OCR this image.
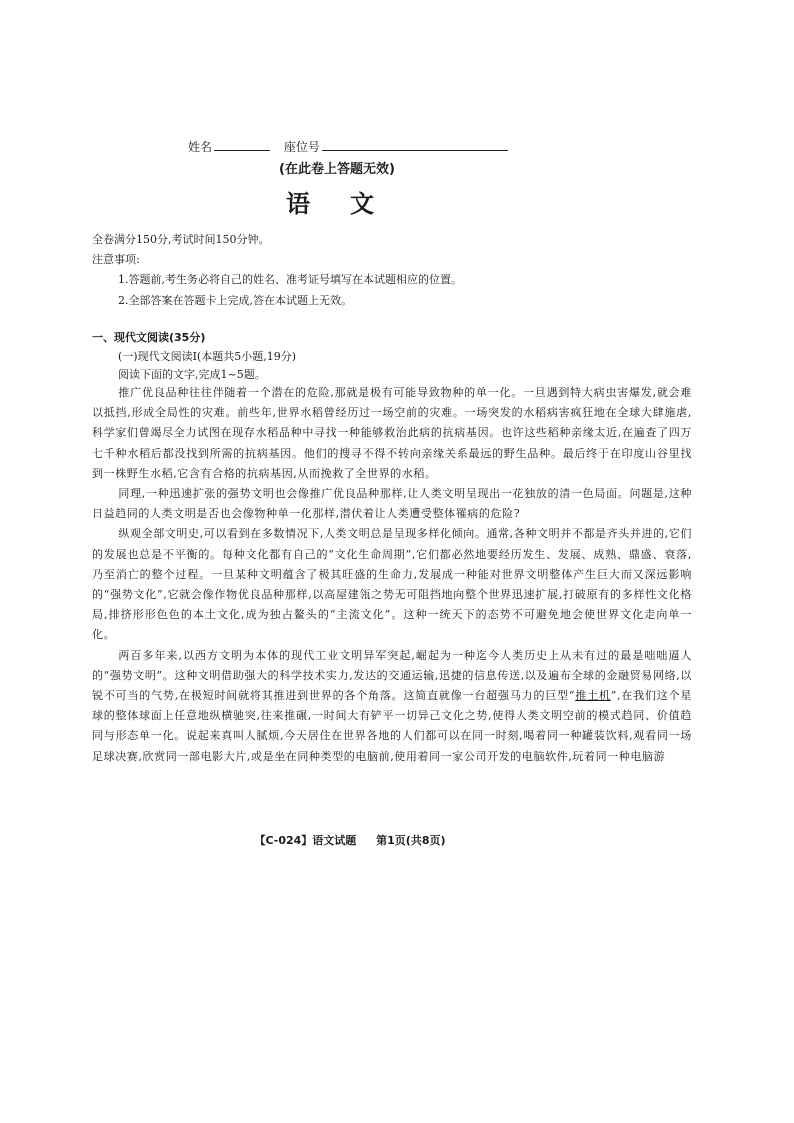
姓名	座位号
(在此卷上答题无效)
语文
全卷满分150分,考试时间150分钟。
注意事项:
1.答题前,考生务必将自己的姓名、准考证号填写在本试题相应的位置。
2.全部答案在答题卡上完成,答在本试题上无效。
一、现代文阅读(35分)
(一)现代文阅读Ⅰ(本题共5小题,19分)
阅读下面的文字,完成1~5题。

推广优良品种往往伴随着一个潜在的危险,那就是极有可能导致物种的单一化。一旦遇到特大病虫害爆发,就会难以抵挡,形成全局性的灾难。前些年,世界水稻曾经历过一场空前的灾难。一场突发的水稻病害疯狂地在全球大肆施虐,科学家们曾竭尽全力试图在现存水稻品种中寻找一种能够救治此病的抗病基因。也许这些稻种亲缘太近,在遍查了四万七千种水稻后都没找到所需的抗病基因。他们的搜寻不得不转向亲缘关系最远的野生品种。最后终于在印度山谷里找到一株野生水稻,它含有合格的抗病基因,从而挽救了全世界的水稻。

同理,一种迅速扩张的强势文明也会像推广优良品种那样,让人类文明呈现出一花独放的清一色局面。问题是,这种日益趋同的人类文明是否也会像物种单一化那样,潜伏着让人类遭受整体罹病的危险?

纵观全部文明史,可以看到在多数情况下,人类文明总是呈现多样化倾向。通常,各种文明并不都是齐头并进的,它们的发展也总是不平衡的。每种文化都有自己的“文化生命周期”,它们都必然地要经历发生、发展、成熟、鼎盛、衰落,乃至消亡的整个过程。一旦某种文明蕴含了极其旺盛的生命力,发展成一种能对世界文明整体产生巨大而又深远影响的“强势文化”,它就会像作物优良品种那样,以高屋建瓴之势无可阻挡地向整个世界迅速扩展,打破原有的多样性文化格局,排挤形形色色的本土文化,成为独占鳌头的“主流文化”。这种一统天下的态势不可避免地会使世界文化走向单一化。

两百多年来,以西方文明为本体的现代工业文明异军突起,崛起为一种迄今人类历史上从未有过的最是咄咄逼人的“强势文明”。这种文明借助强大的科学技术实力,发达的交通运输,迅捷的信息传送,以及遍布全球的金融贸易网络,以锐不可当的气势,在极短时间就将其推进到世界的各个角落。这简直就像一台超强马力的巨型“推土机”,在我们这个星球的整体球面上任意地纵横驰突,往来推碾,一时间大有铲平一切异己文化之势,使得人类文明空前的模式趋同、价值趋同与形态单一化。说起来真叫人腻烦,今天居住在世界各地的人们都可以在同一时刻,喝着同一种罐装饮料,观看同一场足球决赛,欣赏同一部电影大片,或是坐在同种类型的电脑前,使用着同一家公司开发的电脑软件,玩着同一种电脑游

【C-024】语文试题 第1页(共8页)
